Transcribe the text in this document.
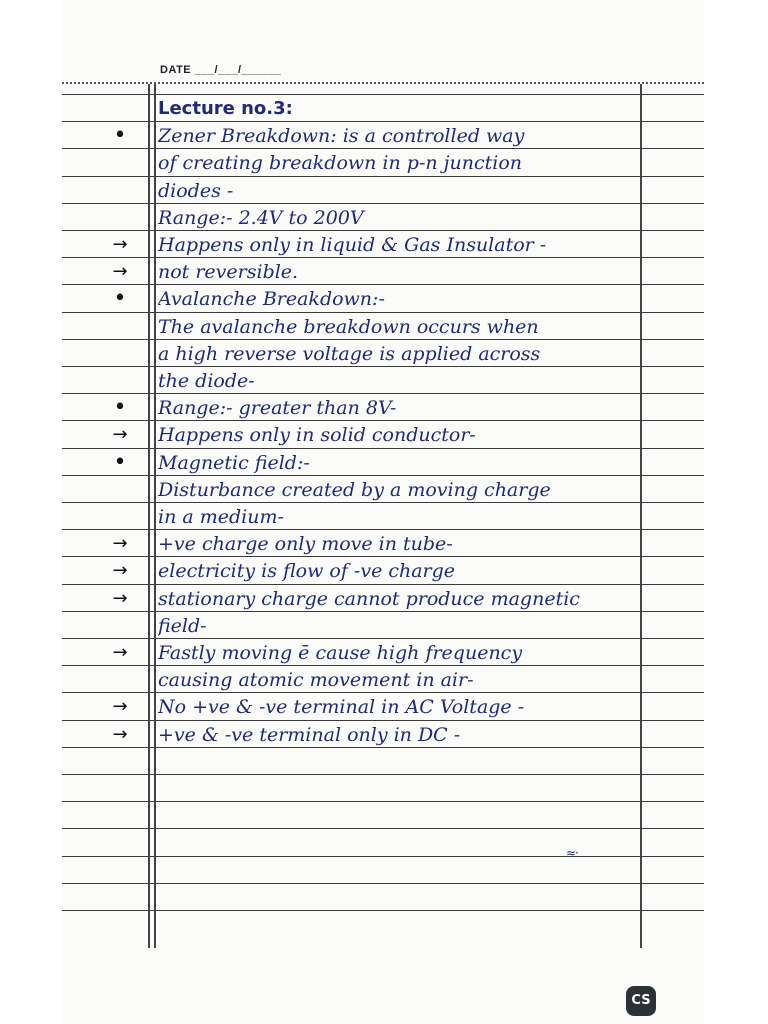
DATE ___/___/______
Lecture no.3:
•	Zener Breakdown: is a controlled way
of creating breakdown in p-n junction
diodes -
Range:- 2.4V to 200V
→	Happens only in liquid & Gas Insulator -
→	not reversible.
•	Avalanche Breakdown:-
The avalanche breakdown occurs when
a high reverse voltage is applied across
the diode-
•	Range:- greater than 8V-
→	Happens only in solid conductor-
•	Magnetic field:-
Disturbance created by a moving charge
in a medium-
→	+ve charge only move in tube-
→	electricity is flow of -ve charge
→	stationary charge cannot produce magnetic
field-
→	Fastly moving ē cause high frequency
causing atomic movement in air-
→	No +ve & -ve terminal in AC Voltage -
→	+ve & -ve terminal only in DC -
≈·
CS
